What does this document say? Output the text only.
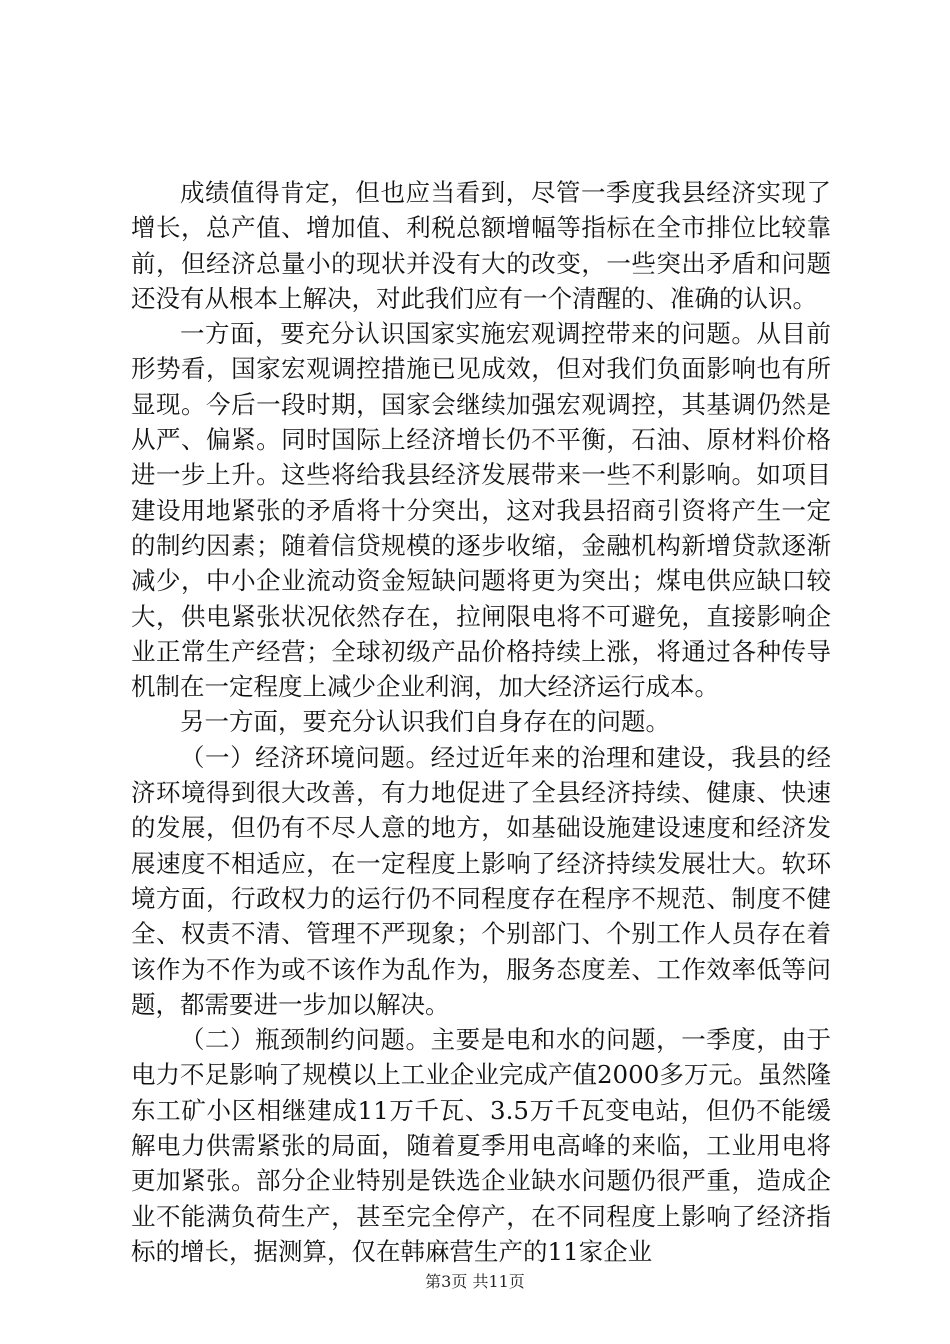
成绩值得肯定，但也应当看到，尽管一季度我县经济实现了增长，总产值、增加值、利税总额增幅等指标在全市排位比较靠前，但经济总量小的现状并没有大的改变，一些突出矛盾和问题还没有从根本上解决，对此我们应有一个清醒的、准确的认识。

一方面，要充分认识国家实施宏观调控带来的问题。从目前形势看，国家宏观调控措施已见成效，但对我们负面影响也有所显现。今后一段时期，国家会继续加强宏观调控，其基调仍然是从严、偏紧。同时国际上经济增长仍不平衡，石油、原材料价格进一步上升。这些将给我县经济发展带来一些不利影响。如项目建设用地紧张的矛盾将十分突出，这对我县招商引资将产生一定的制约因素；随着信贷规模的逐步收缩，金融机构新增贷款逐渐减少，中小企业流动资金短缺问题将更为突出；煤电供应缺口较大，供电紧张状况依然存在，拉闸限电将不可避免，直接影响企业正常生产经营；全球初级产品价格持续上涨，将通过各种传导机制在一定程度上减少企业利润，加大经济运行成本。

另一方面，要充分认识我们自身存在的问题。

（一）经济环境问题。经过近年来的治理和建设，我县的经济环境得到很大改善，有力地促进了全县经济持续、健康、快速的发展，但仍有不尽人意的地方，如基础设施建设速度和经济发展速度不相适应，在一定程度上影响了经济持续发展壮大。软环境方面，行政权力的运行仍不同程度存在程序不规范、制度不健全、权责不清、管理不严现象；个别部门、个别工作人员存在着该作为不作为或不该作为乱作为，服务态度差、工作效率低等问题，都需要进一步加以解决。

（二）瓶颈制约问题。主要是电和水的问题，一季度，由于电力不足影响了规模以上工业企业完成产值2000多万元。虽然隆东工矿小区相继建成11万千瓦、3.5万千瓦变电站，但仍不能缓解电力供需紧张的局面，随着夏季用电高峰的来临，工业用电将更加紧张。部分企业特别是铁选企业缺水问题仍很严重，造成企业不能满负荷生产，甚至完全停产，在不同程度上影响了经济指标的增长，据测算，仅在韩麻营生产的11家企业

第3页 共11页
